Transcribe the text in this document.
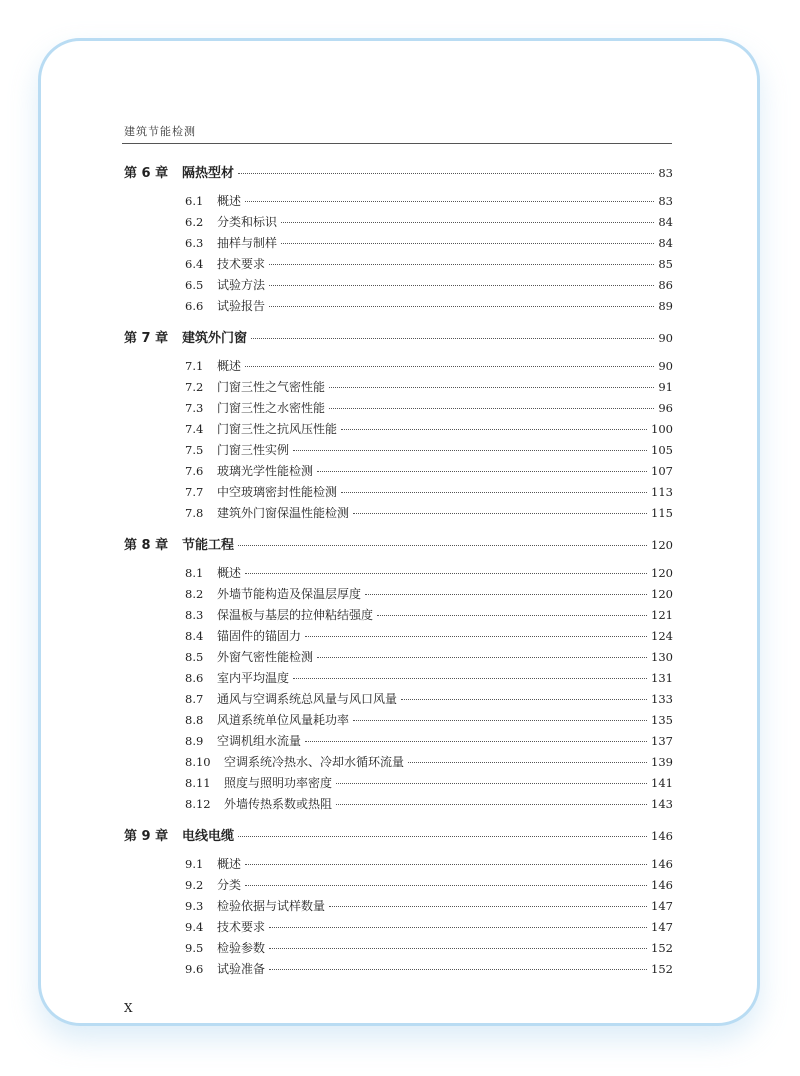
建筑节能检测
第 6 章	隔热型材	83
6.1	概述	83
6.2	分类和标识	84
6.3	抽样与制样	84
6.4	技术要求	85
6.5	试验方法	86
6.6	试验报告	89
第 7 章	建筑外门窗	90
7.1	概述	90
7.2	门窗三性之气密性能	91
7.3	门窗三性之水密性能	96
7.4	门窗三性之抗风压性能	100
7.5	门窗三性实例	105
7.6	玻璃光学性能检测	107
7.7	中空玻璃密封性能检测	113
7.8	建筑外门窗保温性能检测	115
第 8 章	节能工程	120
8.1	概述	120
8.2	外墙节能构造及保温层厚度	120
8.3	保温板与基层的拉伸粘结强度	121
8.4	锚固件的锚固力	124
8.5	外窗气密性能检测	130
8.6	室内平均温度	131
8.7	通风与空调系统总风量与风口风量	133
8.8	风道系统单位风量耗功率	135
8.9	空调机组水流量	137
8.10	空调系统冷热水、冷却水循环流量	139
8.11	照度与照明功率密度	141
8.12	外墙传热系数或热阻	143
第 9 章	电线电缆	146
9.1	概述	146
9.2	分类	146
9.3	检验依据与试样数量	147
9.4	技术要求	147
9.5	检验参数	152
9.6	试验准备	152
X
